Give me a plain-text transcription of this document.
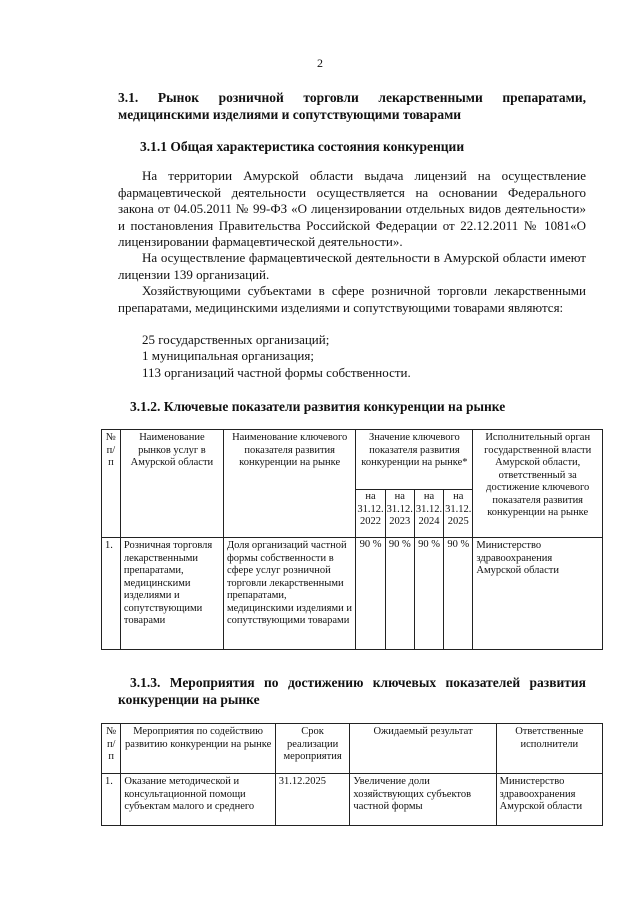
2
3.1. Рынок розничной торговли лекарственными препаратами,
медицинскими изделиями и сопутствующими товарами
3.1.1 Общая характеристика состояния конкуренции

На территории Амурской области выдача лицензий на осуществление фармацевтической деятельности осуществляется на основании Федерального закона от 04.05.2011 № 99-ФЗ «О лицензировании отдельных видов деятельности» и постановления Правительства Российской Федерации от 22.12.2011 № 1081«О лицензировании фармацевтической деятельности».

На осуществление фармацевтической деятельности в Амурской области имеют лицензии 139 организаций.

Хозяйствующими субъектами в сфере розничной торговли лекарственными препаратами, медицинскими изделиями и сопутствующими товарами являются:

25 государственных организаций;
1 муниципальная организация;
113 организаций частной формы собственности.
3.1.2. Ключевые показатели развития конкуренции на рынке
№ п/п	Наименование рынков услуг в Амурской области	Наименование ключевого показателя развития конкуренции на рынке	Значение ключевого показателя развития конкуренции на рынке*				Исполнительный орган государственной власти Амурской области, ответственный за достижение ключевого показателя развития конкуренции на рынке
			на 31.12. 2022	на 31.12. 2023	на 31.12. 2024	на 31.12. 2025	
1.	Розничная торговля лекарственными препаратами, медицинскими изделиями и сопутствующими товарами	Доля организаций частной формы собственности в сфере услуг розничной торговли лекарственными препаратами, медицинскими изделиями и сопутствующими товарами	90 %	90 %	90 %	90 %	Министерство здравоохранения Амурской области
3.1.3. Мероприятия по достижению ключевых показателей развития
конкуренции на рынке
№ п/п	Мероприятия по содействию развитию конкуренции на рынке	Срок реализации мероприятия	Ожидаемый результат	Ответственные исполнители
1.	Оказание методической и консультационной помощи субъектам малого и среднего	31.12.2025	Увеличение доли хозяйствующих субъектов частной формы	Министерство здравоохранения Амурской области
